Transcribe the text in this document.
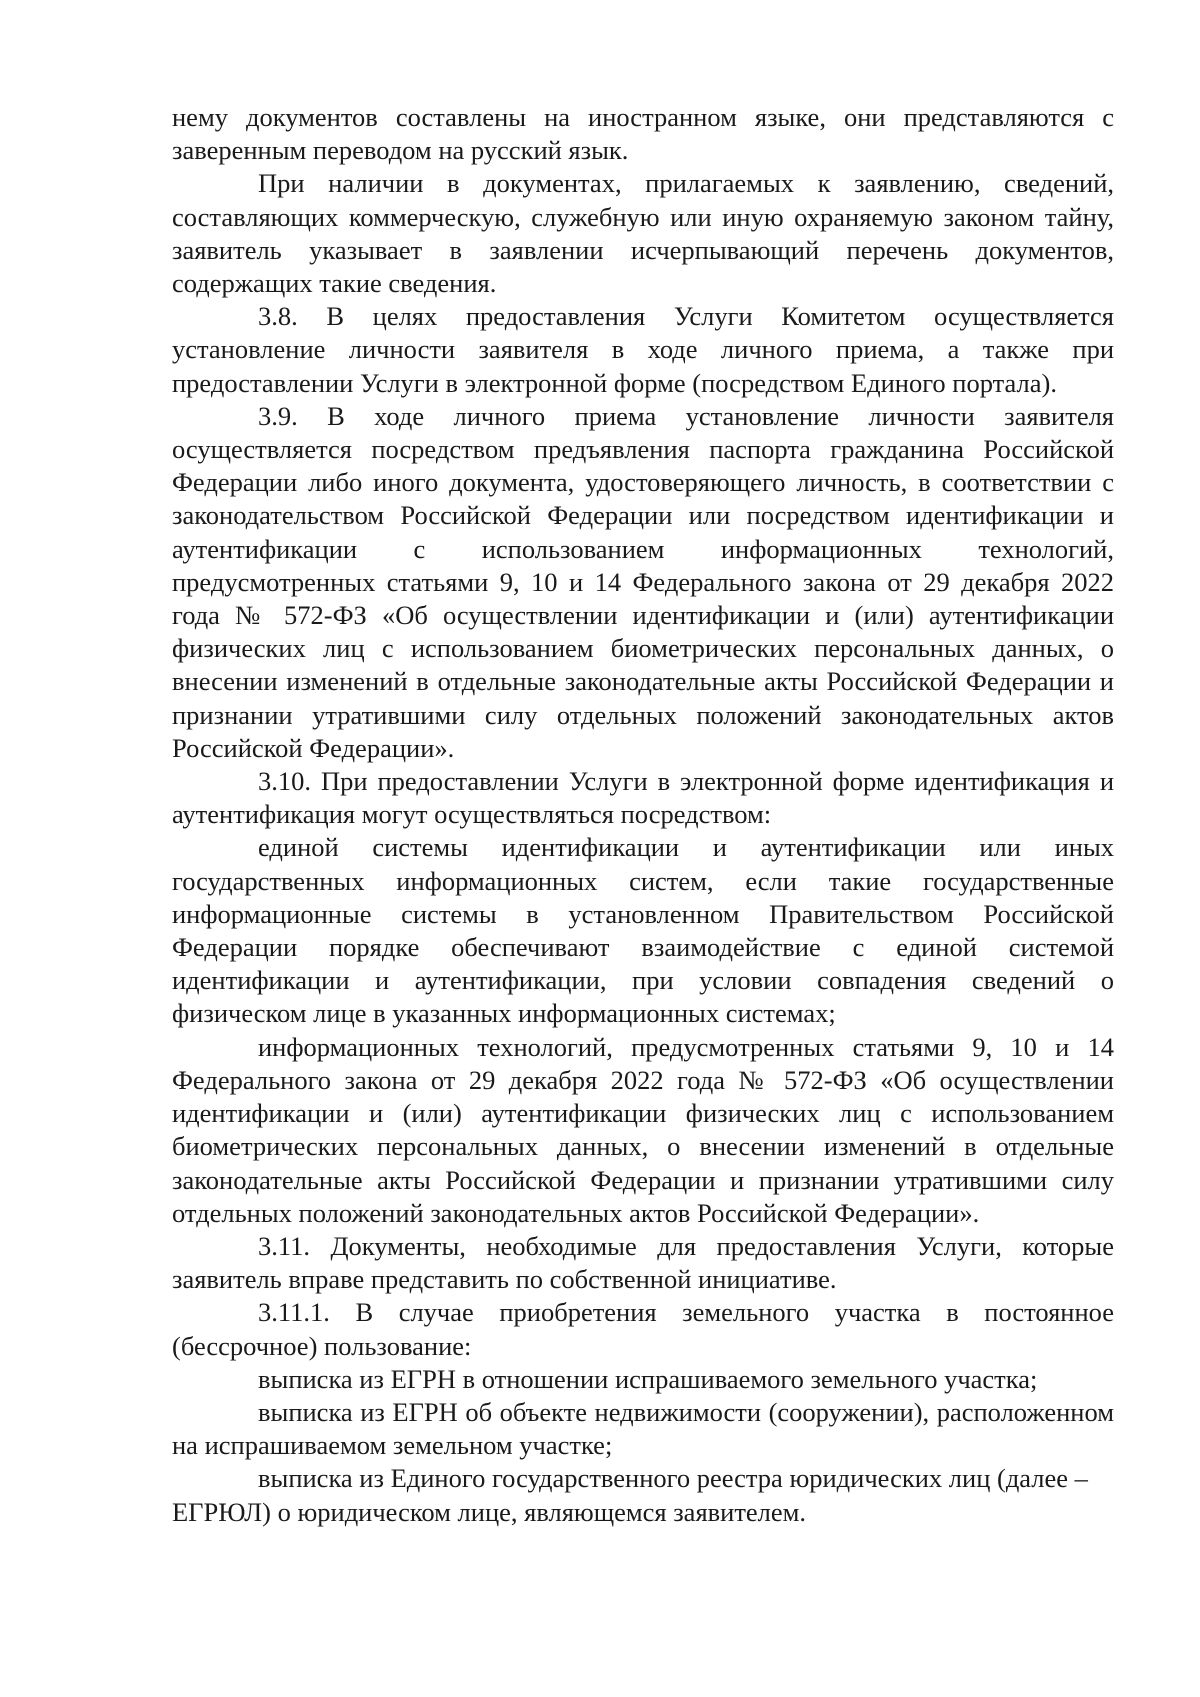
нему документов составлены на иностранном языке, они представляются с заверенным переводом на русский язык.

При наличии в документах, прилагаемых к заявлению, сведений, составляющих коммерческую, служебную или иную охраняемую законом тайну, заявитель указывает в заявлении исчерпывающий перечень документов, содержащих такие сведения.

3.8. В целях предоставления Услуги Комитетом осуществляется установление личности заявителя в ходе личного приема, а также при предоставлении Услуги в электронной форме (посредством Единого портала).

3.9. В ходе личного приема установление личности заявителя осуществляется посредством предъявления паспорта гражданина Российской Федерации либо иного документа, удостоверяющего личность, в соответствии с законодательством Российской Федерации или посредством идентификации и аутентификации с использованием информационных технологий, предусмотренных статьями 9, 10 и 14 Федерального закона от 29 декабря 2022 года № 572-ФЗ «Об осуществлении идентификации и (или) аутентификации физических лиц с использованием биометрических персональных данных, о внесении изменений в отдельные законодательные акты Российской Федерации и признании утратившими силу отдельных положений законодательных актов Российской Федерации».

3.10. При предоставлении Услуги в электронной форме идентификация и аутентификация могут осуществляться посредством:

единой системы идентификации и аутентификации или иных государственных информационных систем, если такие государственные информационные системы в установленном Правительством Российской Федерации порядке обеспечивают взаимодействие с единой системой идентификации и аутентификации, при условии совпадения сведений о физическом лице в указанных информационных системах;

информационных технологий, предусмотренных статьями 9, 10 и 14 Федерального закона от 29 декабря 2022 года № 572-ФЗ «Об осуществлении идентификации и (или) аутентификации физических лиц с использованием биометрических персональных данных, о внесении изменений в отдельные законодательные акты Российской Федерации и признании утратившими силу отдельных положений законодательных актов Российской Федерации».

3.11. Документы, необходимые для предоставления Услуги, которые заявитель вправе представить по собственной инициативе.

3.11.1. В случае приобретения земельного участка в постоянное (бессрочное) пользование:

выписка из ЕГРН в отношении испрашиваемого земельного участка;

выписка из ЕГРН об объекте недвижимости (сооружении), расположенном на испрашиваемом земельном участке;

выписка из Единого государственного реестра юридических лиц (далее – ЕГРЮЛ) о юридическом лице, являющемся заявителем.
